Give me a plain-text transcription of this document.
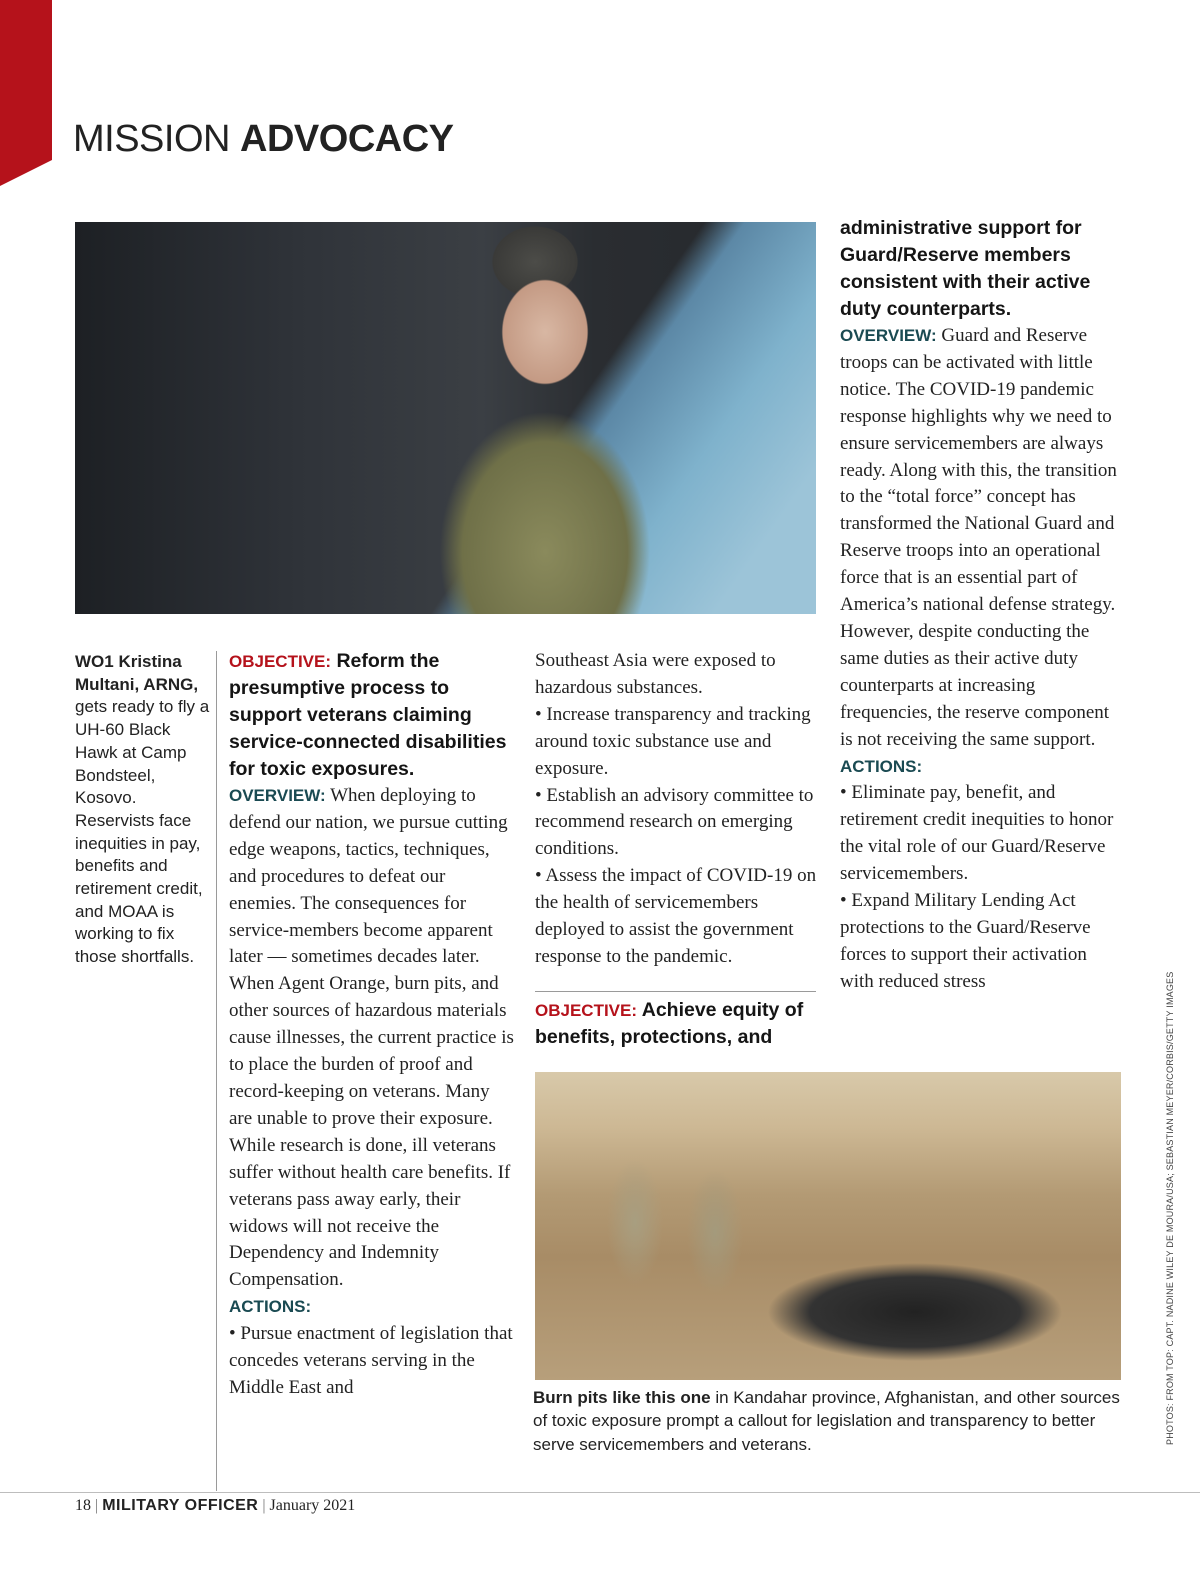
MISSION ADVOCACY
WO1 Kristina Multani, ARNG, gets ready to fly a UH-60 Black Hawk at Camp Bondsteel, Kosovo. Reservists face inequities in pay, benefits and retirement credit, and MOAA is working to fix those shortfalls.

OBJECTIVE: Reform the presumptive process to support veterans claiming service-connected disabilities for toxic exposures.

OVERVIEW: When deploying to defend our nation, we pursue cutting edge weapons, tactics, techniques, and procedures to defeat our enemies. The consequences for service-members become apparent later — sometimes decades later. When Agent Orange, burn pits, and other sources of hazardous materials cause illnesses, the current practice is to place the burden of proof and record-keeping on veterans. Many are unable to prove their exposure. While research is done, ill veterans suffer without health care benefits. If veterans pass away early, their widows will not receive the Dependency and Indemnity Compensation.

ACTIONS:

• Pursue enactment of legislation that concedes veterans serving in the Middle East and

Southeast Asia were exposed to hazardous substances.

• Increase transparency and tracking around toxic substance use and exposure.

• Establish an advisory committee to recommend research on emerging conditions.

• Assess the impact of COVID-19 on the health of servicemembers deployed to assist the government response to the pandemic.

OBJECTIVE: Achieve equity of benefits, protections, and

administrative support for Guard/Reserve members consistent with their active duty counterparts.

OVERVIEW: Guard and Reserve troops can be activated with little notice. The COVID-19 pandemic response highlights why we need to ensure servicemembers are always ready. Along with this, the transition to the “total force” concept has transformed the National Guard and Reserve troops into an operational force that is an essential part of America’s national defense strategy. However, despite conducting the same duties as their active duty counterparts at increasing frequencies, the reserve component is not receiving the same support.

ACTIONS:

• Eliminate pay, benefit, and retirement credit inequities to honor the vital role of our Guard/Reserve servicemembers.

• Expand Military Lending Act protections to the Guard/Reserve forces to support their activation with reduced stress

Burn pits like this one in Kandahar province, Afghanistan, and other sources of toxic exposure prompt a callout for legislation and transparency to better serve servicemembers and veterans.	PHOTOS: FROM TOP: CAPT. NADINE WILEY DE MOURA/USA; SEBASTIAN MEYER/CORBIS/GETTY IMAGES
18 | MILITARY OFFICER | January 2021
